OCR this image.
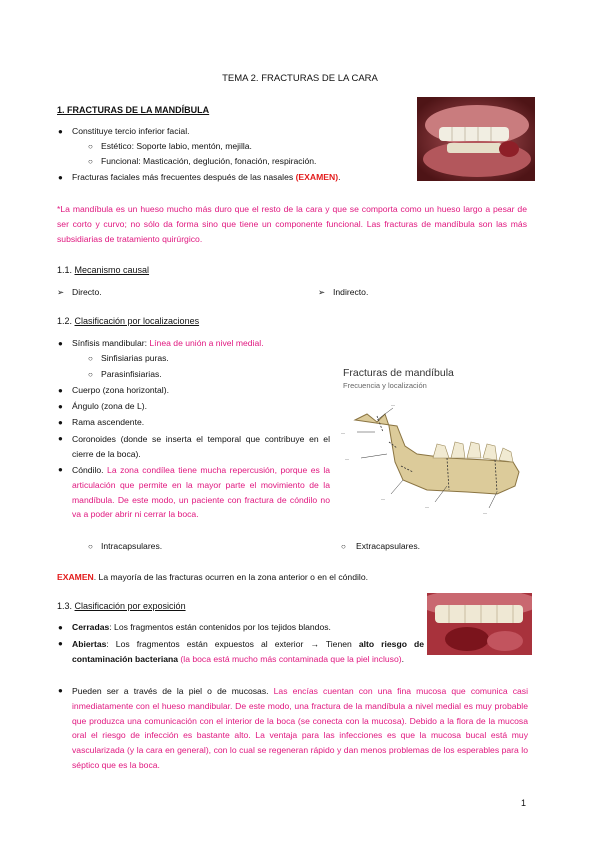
TEMA 2. FRACTURAS DE LA CARA
1. FRACTURAS DE LA MANDÍBULA
● Constituye tercio inferior facial.
○ Estético: Soporte labio, mentón, mejilla.
○ Funcional: Masticación, deglución, fonación, respiración.
● Fracturas faciales más frecuentes después de las nasales (EXAMEN).
*La mandíbula es un hueso mucho más duro que el resto de la cara y que se comporta como un hueso largo a pesar de ser corto y curvo; no sólo da forma sino que tiene un componente funcional. Las fracturas de mandíbula son las más subsidiarias de tratamiento quirúrgico.
1.1. Mecanismo causal
➢ Directo.	➢ Indirecto.
1.2. Clasificación por localizaciones
● Sínfisis mandibular: Línea de unión a nivel medial.
○ Sinfisiarias puras.
○ Parasinfisiarias.
● Cuerpo (zona horizontal).
● Ángulo (zona de L).
● Rama ascendente.
● Coronoides (donde se inserta el temporal que contribuye en el cierre de la boca).
● Cóndilo. La zona condílea tiene mucha repercusión, porque es la articulación que permite en la mayor parte el movimiento de la mandíbula. De este modo, un paciente con fractura de cóndilo no va a poder abrir ni cerrar la boca.
○ Intracapsulares.	○ Extracapsulares.
Fracturas de mandíbula
Frecuencia y localización
—
—
—
—
—
—
EXAMEN. La mayoría de las fracturas ocurren en la zona anterior o en el cóndilo.
1.3. Clasificación por exposición
● Cerradas: Los fragmentos están contenidos por los tejidos blandos.
● Abiertas: Los fragmentos están expuestos al exterior → Tienen alto riesgo de contaminación bacteriana (la boca está mucho más contaminada que la piel incluso).
● Pueden ser a través de la piel o de mucosas. Las encías cuentan con una fina mucosa que comunica casi inmediatamente con el hueso mandibular. De este modo, una fractura de la mandíbula a nivel medial es muy probable que produzca una comunicación con el interior de la boca (se conecta con la mucosa). Debido a la flora de la mucosa oral el riesgo de infección es bastante alto. La ventaja para las infecciones es que la mucosa bucal está muy vascularizada (y la cara en general), con lo cual se regeneran rápido y dan menos problemas de los esperables para lo séptico que es la boca.
1
